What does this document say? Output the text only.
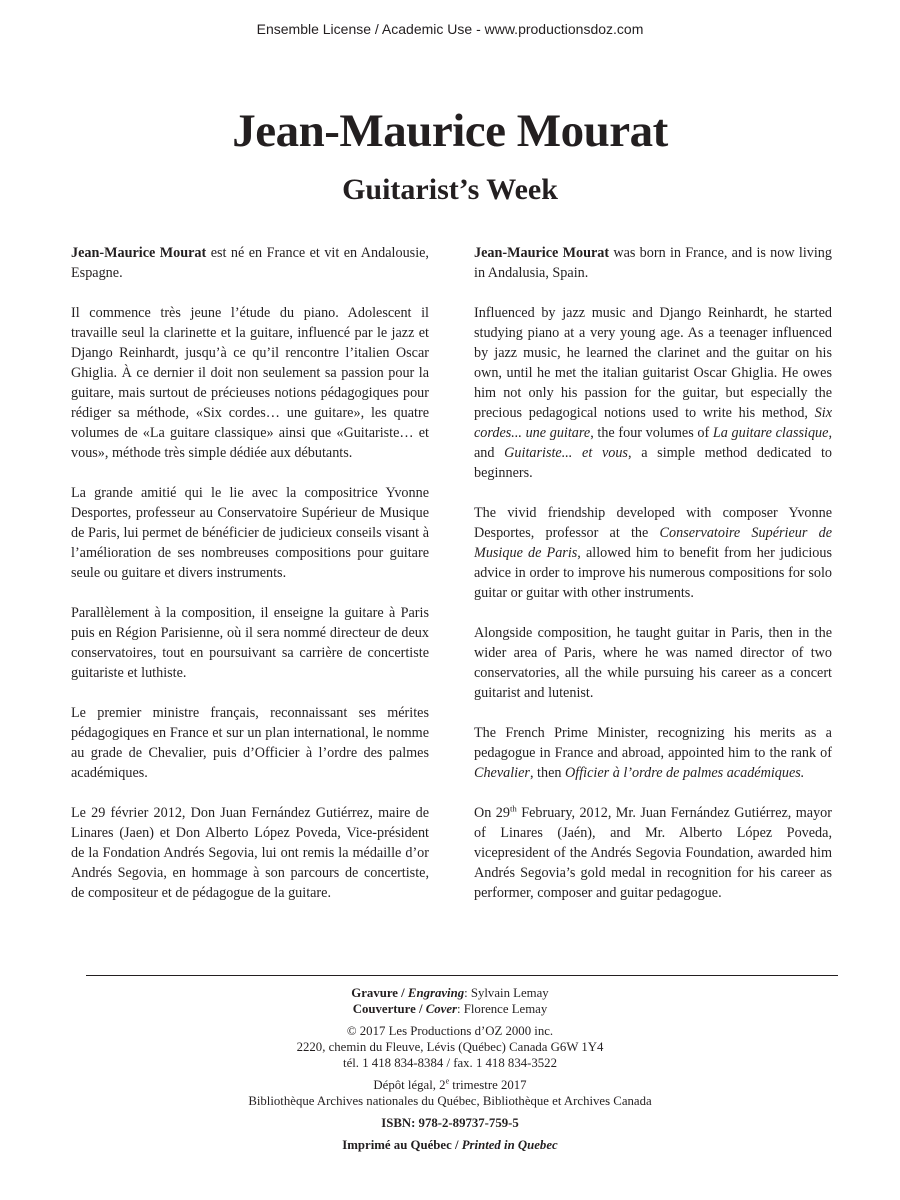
Ensemble License / Academic Use - www.productionsdoz.com
Jean-Maurice Mourat
Guitarist’s Week

Jean-Maurice Mourat est né en France et vit en Andalousie, Espagne.

Il commence très jeune l’étude du piano. Adolescent il travaille seul la clarinette et la guitare, influencé par le jazz et Django Reinhardt, jusqu’à ce qu’il rencontre l’italien Oscar Ghiglia. À ce dernier il doit non seulement sa passion pour la guitare, mais surtout de précieuses notions pédagogiques pour rédiger sa méthode, «Six cordes… une guitare», les quatre volumes de «La guitare classique» ainsi que «Guitariste… et vous», méthode très simple dédiée aux débutants.

La grande amitié qui le lie avec la compositrice Yvonne Desportes, professeur au Conservatoire Supérieur de Musique de Paris, lui permet de bénéficier de judicieux conseils visant à l’amélioration de ses nombreuses compositions pour guitare seule ou guitare et divers instruments.

Parallèlement à la composition, il enseigne la guitare à Paris puis en Région Parisienne, où il sera nommé directeur de deux conservatoires, tout en poursuivant sa carrière de concertiste guitariste et luthiste.

Le premier ministre français, reconnaissant ses mérites pédagogiques en France et sur un plan international, le nomme au grade de Chevalier, puis d’Officier à l’ordre des palmes académiques.

Le 29 février 2012, Don Juan Fernández Gutiérrez, maire de Linares (Jaen) et Don Alberto López Poveda, Vice-président de la Fondation Andrés Segovia, lui ont remis la médaille d’or Andrés Segovia, en hommage à son parcours de concertiste, de compositeur et de pédagogue de la guitare.

Jean-Maurice Mourat was born in France, and is now living in Andalusia, Spain.

Influenced by jazz music and Django Reinhardt, he started studying piano at a very young age. As a teenager influenced by jazz music, he learned the clarinet and the guitar on his own, until he met the italian guitarist Oscar Ghiglia. He owes him not only his passion for the guitar, but especially the precious pedagogical notions used to write his method, Six cordes... une guitare, the four volumes of La guitare classique, and Guitariste... et vous, a simple method dedicated to beginners.

The vivid friendship developed with composer Yvonne Desportes, professor at the Conservatoire Supérieur de Musique de Paris, allowed him to benefit from her judicious advice in order to improve his numerous compositions for solo guitar or guitar with other instruments.

Alongside composition, he taught guitar in Paris, then in the wider area of Paris, where he was named director of two conservatories, all the while pursuing his career as a concert guitarist and lutenist.

The French Prime Minister, recognizing his merits as a pedagogue in France and abroad, appointed him to the rank of Chevalier, then Officier à l’ordre de palmes académiques.

On 29th February, 2012, Mr. Juan Fernández Gutiérrez, mayor of Linares (Jaén), and Mr. Alberto López Poveda, vicepresident of the Andrés Segovia Foundation, awarded him Andrés Segovia’s gold medal in recognition for his career as performer, composer and guitar pedagogue.

Gravure / Engraving: Sylvain Lemay
Couverture / Cover: Florence Lemay
© 2017 Les Productions d’OZ 2000 inc.
2220, chemin du Fleuve, Lévis (Québec) Canada G6W 1Y4
tél. 1 418 834-8384 / fax. 1 418 834-3522
Dépôt légal, 2e trimestre 2017
Bibliothèque Archives nationales du Québec, Bibliothèque et Archives Canada
ISBN: 978-2-89737-759-5
Imprimé au Québec / Printed in Quebec
